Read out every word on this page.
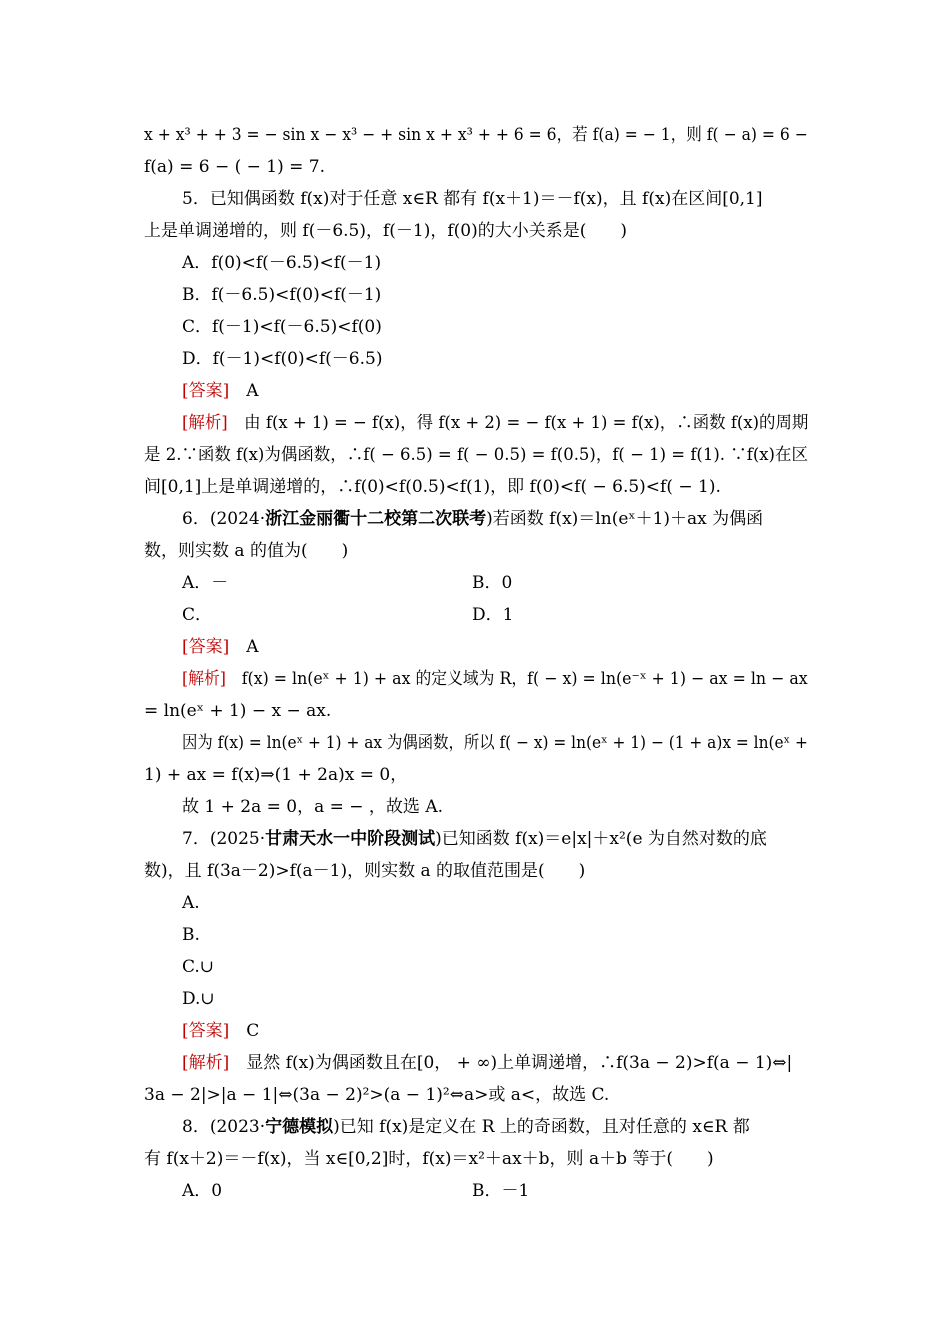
x + x³ + + 3 = − sin x − x³ − + sin x + x³ + + 6 = 6，若 f(a) = − 1，则 f( − a) = 6 −
f(a) = 6 − ( − 1) = 7.
5．已知偶函数 f(x)对于任意 x∈R 都有 f(x＋1)＝－f(x)，且 f(x)在区间[0,1]
上是单调递增的，则 f(－6.5)，f(－1)，f(0)的大小关系是(　　)
A．f(0)<f(－6.5)<f(－1)
B．f(－6.5)<f(0)<f(－1)
C．f(－1)<f(－6.5)<f(0)
D．f(－1)<f(0)<f(－6.5)
[答案]　A
[解析]　由 f(x + 1) = − f(x)，得 f(x + 2) = − f(x + 1) = f(x)，∴函数 f(x)的周期
是 2.∵函数 f(x)为偶函数，∴f( − 6.5) = f( − 0.5) = f(0.5)，f( − 1) = f(1). ∵f(x)在区
间[0,1]上是单调递增的，∴f(0)<f(0.5)<f(1)，即 f(0)<f( − 6.5)<f( − 1).
6．(2024·浙江金丽衢十二校第二次联考)若函数 f(x)＝ln(eˣ＋1)＋ax 为偶函
数，则实数 a 的值为(　　)
A．－	B．0
C．	D．1
[答案]　A
[解析]　f(x) = ln(eˣ + 1) + ax 的定义域为 R，f( − x) = ln(e⁻ˣ + 1) − ax = ln − ax
= ln(eˣ + 1) − x − ax.
因为 f(x) = ln(eˣ + 1) + ax 为偶函数，所以 f( − x) = ln(eˣ + 1) − (1 + a)x = ln(eˣ +
1) + ax = f(x)⇒(1 + 2a)x = 0，
故 1 + 2a = 0，a = − ，故选 A.
7．(2025·甘肃天水一中阶段测试)已知函数 f(x)＝e|x|＋x²(e 为自然对数的底
数)，且 f(3a－2)>f(a－1)，则实数 a 的取值范围是(　　)
A.
B.
C.∪
D.∪
[答案]　C
[解析]　显然 f(x)为偶函数且在[0， + ∞)上单调递增，∴f(3a − 2)>f(a − 1)⇔|
3a − 2|>|a − 1|⇔(3a − 2)²>(a − 1)²⇔a>或 a<，故选 C.
8．(2023·宁德模拟)已知 f(x)是定义在 R 上的奇函数，且对任意的 x∈R 都
有 f(x＋2)＝－f(x)，当 x∈[0,2]时，f(x)＝x²＋ax＋b，则 a＋b 等于(　　)
A．0	B．－1
